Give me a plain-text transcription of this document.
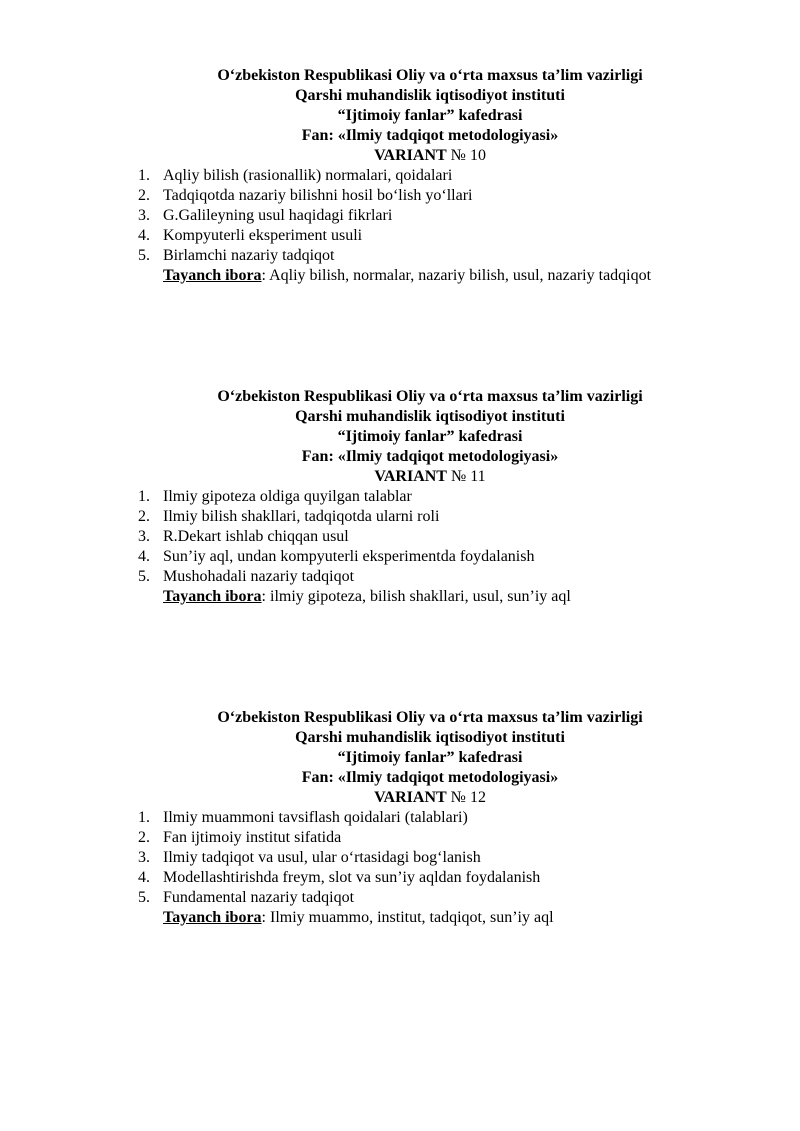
O‘zbekiston Respublikasi Oliy va o‘rta maxsus ta’lim vazirligi
Qarshi muhandislik iqtisodiyot instituti
“Ijtimoiy fanlar” kafedrasi
Fan: «Ilmiy tadqiqot metodologiyasi»
VARIANT № 10
1. Aqliy bilish (rasionallik) normalari, qoidalari
2. Tadqiqotda nazariy bilishni hosil bo‘lish yo‘llari
3. G.Galileyning usul haqidagi fikrlari
4. Kompyuterli eksperiment usuli
5. Birlamchi nazariy tadqiqot
Tayanch ibora: Aqliy bilish, normalar, nazariy bilish, usul, nazariy tadqiqot
O‘zbekiston Respublikasi Oliy va o‘rta maxsus ta’lim vazirligi
Qarshi muhandislik iqtisodiyot instituti
“Ijtimoiy fanlar” kafedrasi
Fan: «Ilmiy tadqiqot metodologiyasi»
VARIANT № 11
1. Ilmiy gipoteza oldiga quyilgan talablar
2. Ilmiy bilish shakllari, tadqiqotda ularni roli
3. R.Dekart ishlab chiqqan usul
4. Sun’iy aql, undan kompyuterli eksperimentda foydalanish
5. Mushohadali nazariy tadqiqot
Tayanch ibora: ilmiy gipoteza, bilish shakllari, usul, sun’iy aql
O‘zbekiston Respublikasi Oliy va o‘rta maxsus ta’lim vazirligi
Qarshi muhandislik iqtisodiyot instituti
“Ijtimoiy fanlar” kafedrasi
Fan: «Ilmiy tadqiqot metodologiyasi»
VARIANT № 12
1. Ilmiy muammoni tavsiflash qoidalari (talablari)
2. Fan ijtimoiy institut sifatida
3. Ilmiy tadqiqot va usul, ular o‘rtasidagi bog‘lanish
4. Modellashtirishda freym, slot va sun’iy aqldan foydalanish
5. Fundamental nazariy tadqiqot
Tayanch ibora: Ilmiy muammo, institut, tadqiqot, sun’iy aql
